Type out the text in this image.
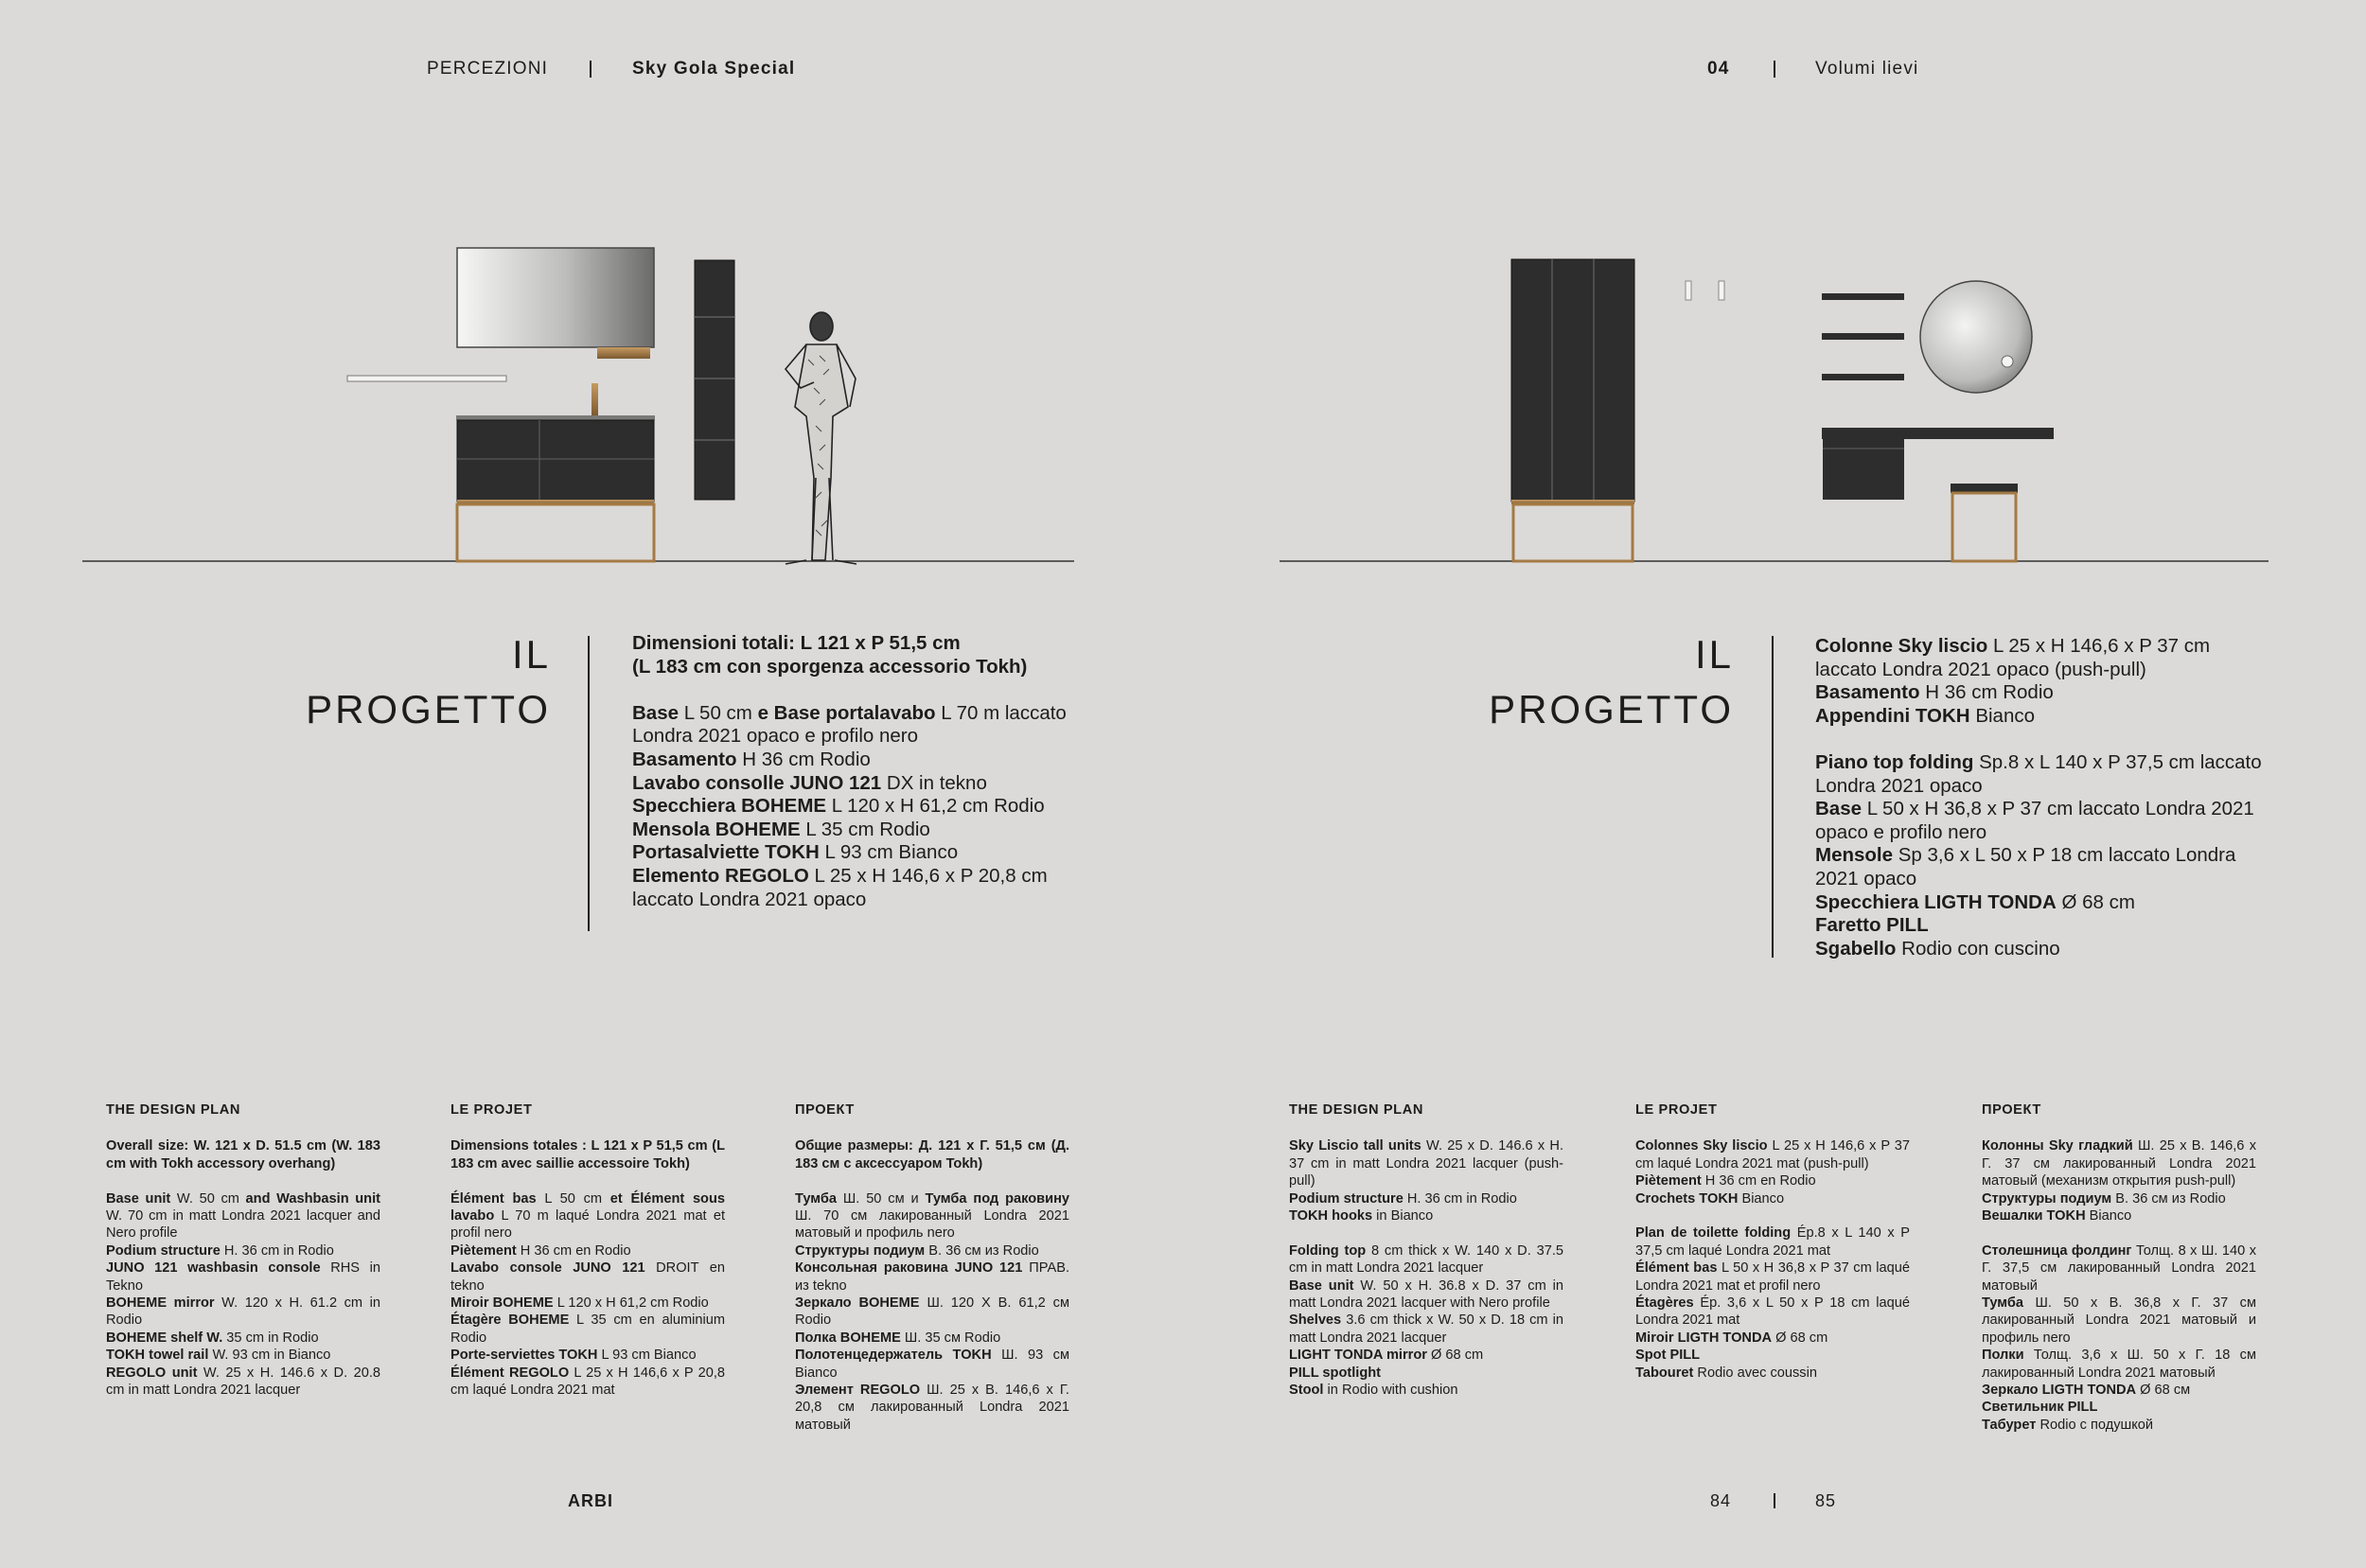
PERCEZIONI	Sky Gola Special	04	Volumi lievi
IL
PROGETTO

Dimensioni totali: L 121 x P 51,5 cm

(L 183 cm con sporgenza accessorio Tokh)

Base L 50 cm e Base portalavabo L 70 m laccato Londra 2021 opaco e profilo nero

Basamento H 36 cm Rodio

Lavabo consolle JUNO 121 DX in tekno

Specchiera BOHEME L 120 x H 61,2 cm Rodio

Mensola BOHEME L 35 cm Rodio

Portasalviette TOKH L 93 cm Bianco

Elemento REGOLO L 25 x H 146,6 x P 20,8 cm laccato Londra 2021 opaco

IL
PROGETTO

Colonne Sky liscio L 25 x H 146,6 x P 37 cm laccato Londra 2021 opaco (push-pull)

Basamento H 36 cm Rodio

Appendini TOKH Bianco

Piano top folding Sp.8 x L 140 x P 37,5 cm laccato Londra 2021 opaco

Base L 50 x H 36,8 x P 37 cm laccato Londra 2021 opaco e profilo nero

Mensole Sp 3,6 x L 50 x P 18 cm laccato Londra 2021 opaco

Specchiera LIGTH TONDA Ø 68 cm

Faretto PILL

Sgabello Rodio con cuscino

THE DESIGN PLAN

Overall size: W. 121 x D. 51.5 cm (W. 183 cm with Tokh accessory overhang)

Base unit W. 50 cm and Washbasin unit W. 70 cm in matt Londra 2021 lacquer and Nero profile

Podium structure H. 36 cm in Rodio

JUNO 121 washbasin console RHS in Tekno

BOHEME mirror W. 120 x H. 61.2 cm in Rodio

BOHEME shelf W. 35 cm in Rodio

TOKH towel rail W. 93 cm in Bianco

REGOLO unit W. 25 x H. 146.6 x D. 20.8 cm in matt Londra 2021 lacquer

LE PROJET

Dimensions totales : L 121 x P 51,5 cm (L 183 cm avec saillie accessoire Tokh)

Élément bas L 50 cm et Élément sous lavabo L 70 m laqué Londra 2021 mat et profil nero

Piètement H 36 cm en Rodio

Lavabo console JUNO 121 DROIT en tekno

Miroir BOHEME L 120 x H 61,2 cm Rodio

Étagère BOHEME L 35 cm en aluminium Rodio

Porte-serviettes TOKH L 93 cm Bianco

Élément REGOLO L 25 x H 146,6 x P 20,8 cm laqué Londra 2021 mat

ПРОЕКТ

Общие размеры: Д. 121 x Г. 51,5 см (Д. 183 см с аксессуаром Tokh)

Тумба Ш. 50 см и Тумба под раковину Ш. 70 см лакированный Londra 2021 матовый и профиль nero

Структуры подиум В. 36 см из Rodio

Консольная раковина JUNO 121 ПРАВ. из tekno

Зеркало BOHEME Ш. 120 X В. 61,2 см Rodio

Полка BOHEME Ш. 35 см Rodio

Полотенцедержатель TOKH Ш. 93 см Bianco

Элемент REGOLO Ш. 25 x В. 146,6 x Г. 20,8 см лакированный Londra 2021 матовый

THE DESIGN PLAN

Sky Liscio tall units W. 25 x D. 146.6 x H. 37 cm in matt Londra 2021 lacquer (push-pull)

Podium structure H. 36 cm in Rodio

TOKH hooks in Bianco

Folding top 8 cm thick x W. 140 x D. 37.5 cm in matt Londra 2021 lacquer

Base unit W. 50 x H. 36.8 x D. 37 cm in matt Londra 2021 lacquer with Nero profile

Shelves 3.6 cm thick x W. 50 x D. 18 cm in matt Londra 2021 lacquer

LIGHT TONDA mirror Ø 68 cm

PILL spotlight

Stool in Rodio with cushion

LE PROJET

Colonnes Sky liscio L 25 x H 146,6 x P 37 cm laqué Londra 2021 mat (push-pull)

Piètement H 36 cm en Rodio

Crochets TOKH Bianco

Plan de toilette folding Ép.8 x L 140 x P 37,5 cm laqué Londra 2021 mat

Élément bas L 50 x H 36,8 x P 37 cm laqué Londra 2021 mat et profil nero

Étagères Ép. 3,6 x L 50 x P 18 cm laqué Londra 2021 mat

Miroir LIGTH TONDA Ø 68 cm

Spot PILL

Tabouret Rodio avec coussin

ПРОЕКТ

Колонны Sky гладкий Ш. 25 x В. 146,6 x Г. 37 см лакированный Londra 2021 матовый (механизм открытия push-pull)

Структуры подиум В. 36 см из Rodio

Вешалки TOKH Bianco

Столешница фолдинг Толщ. 8 x Ш. 140 x Г. 37,5 см лакированный Londra 2021 матовый

Тумба Ш. 50 x В. 36,8 x Г. 37 см лакированный Londra 2021 матовый и профиль nero

Полки Толщ. 3,6 x Ш. 50 x Г. 18 см лакированный Londra 2021 матовый

Зеркало LIGTH TONDA Ø 68 см

Светильник PILL

Табурет Rodio с подушкой

ARBI	84	85
